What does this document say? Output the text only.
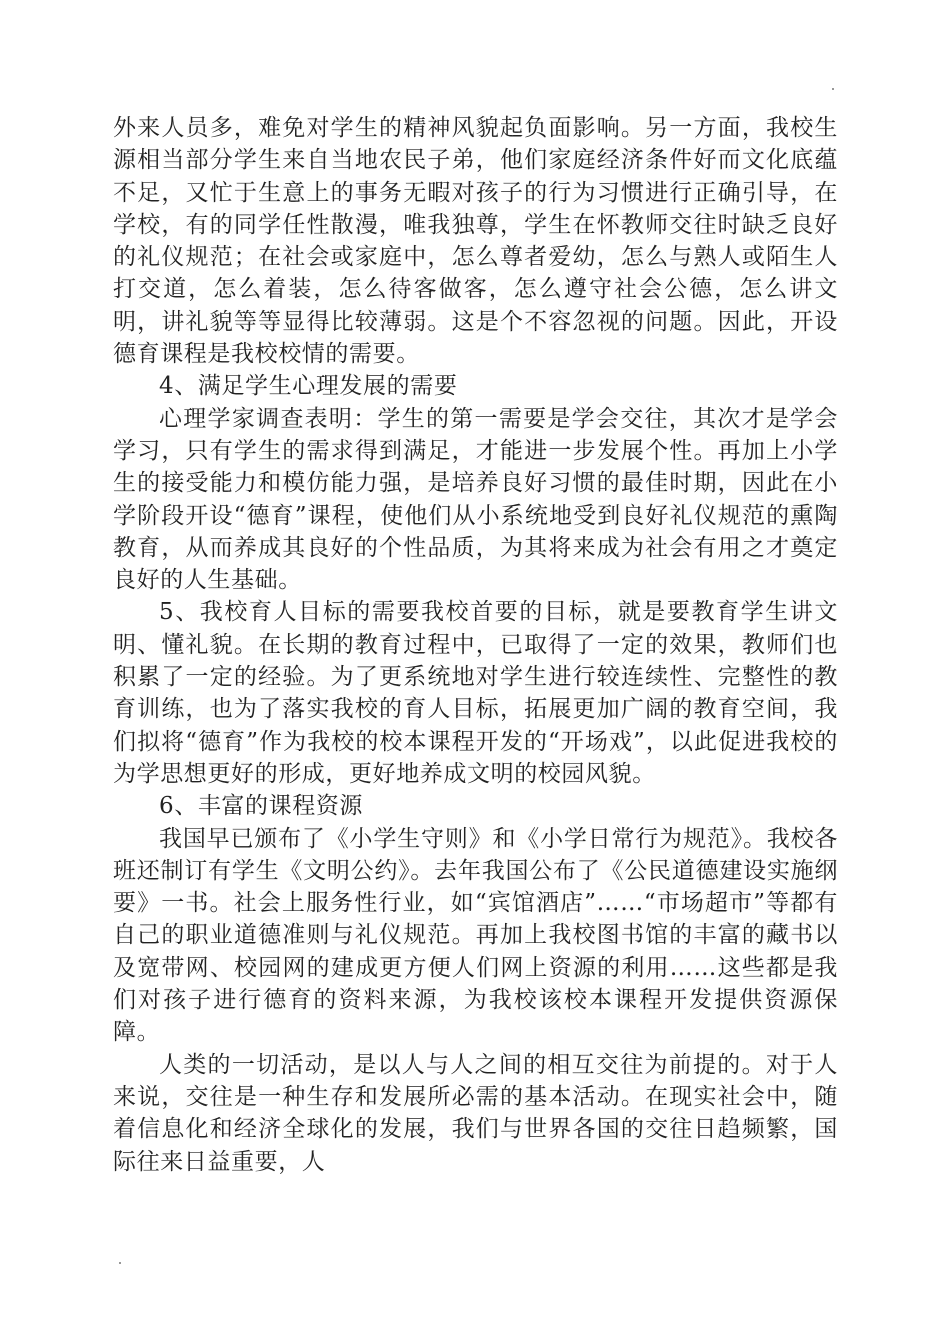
外来人员多，难免对学生的精神风貌起负面影响。另一方面，我校生源相当部分学生来自当地农民子弟，他们家庭经济条件好而文化底蕴不足，又忙于生意上的事务无暇对孩子的行为习惯进行正确引导，在学校，有的同学任性散漫，唯我独尊，学生在怀教师交往时缺乏良好的礼仪规范；在社会或家庭中，怎么尊者爱幼，怎么与熟人或陌生人打交道，怎么着装，怎么待客做客，怎么遵守社会公德，怎么讲文明，讲礼貌等等显得比较薄弱。这是个不容忽视的问题。因此，开设德育课程是我校校情的需要。

4、满足学生心理发展的需要

心理学家调查表明：学生的第一需要是学会交往，其次才是学会学习，只有学生的需求得到满足，才能进一步发展个性。再加上小学生的接受能力和模仿能力强，是培养良好习惯的最佳时期，因此在小学阶段开设“德育”课程，使他们从小系统地受到良好礼仪规范的熏陶教育，从而养成其良好的个性品质，为其将来成为社会有用之才奠定良好的人生基础。

5、我校育人目标的需要我校首要的目标，就是要教育学生讲文明、懂礼貌。在长期的教育过程中，已取得了一定的效果，教师们也积累了一定的经验。为了更系统地对学生进行较连续性、完整性的教育训练，也为了落实我校的育人目标，拓展更加广阔的教育空间，我们拟将“德育”作为我校的校本课程开发的“开场戏”，以此促进我校的为学思想更好的形成，更好地养成文明的校园风貌。

6、丰富的课程资源

我国早已颁布了《小学生守则》和《小学日常行为规范》。我校各班还制订有学生《文明公约》。去年我国公布了《公民道德建设实施纲要》一书。社会上服务性行业，如“宾馆酒店”……“市场超市”等都有自己的职业道德准则与礼仪规范。再加上我校图书馆的丰富的藏书以及宽带网、校园网的建成更方便人们网上资源的利用……这些都是我们对孩子进行德育的资料来源，为我校该校本课程开发提供资源保障。

人类的一切活动，是以人与人之间的相互交往为前提的。对于人来说，交往是一种生存和发展所必需的基本活动。在现实社会中，随着信息化和经济全球化的发展，我们与世界各国的交往日趋频繁，国际往来日益重要，人
